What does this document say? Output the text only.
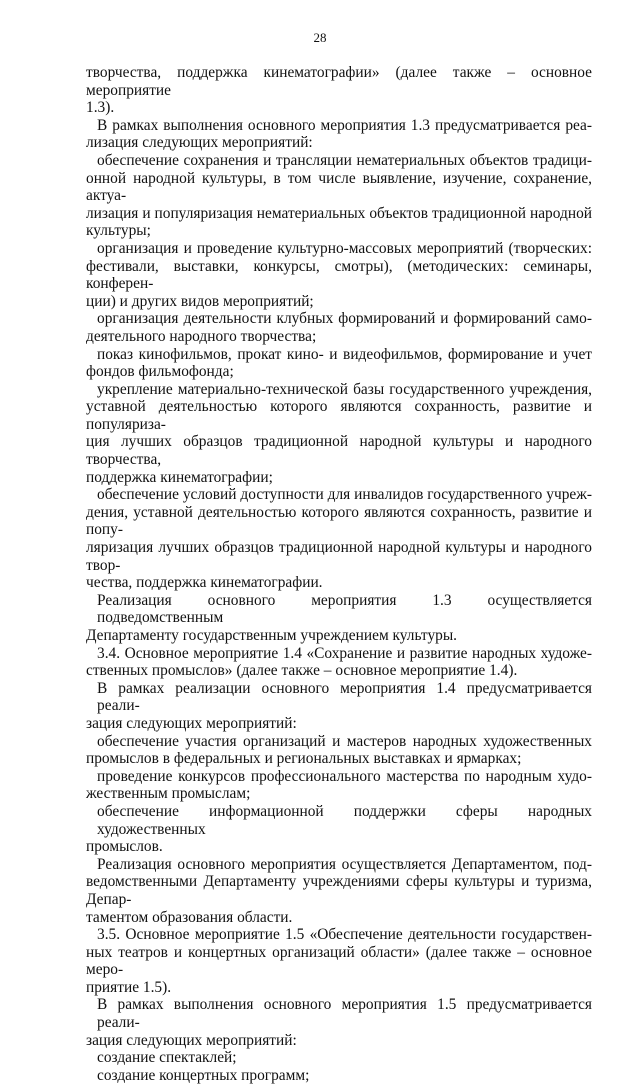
28
творчества, поддержка кинематографии» (далее также – основное мероприятие
1.3).
В рамках выполнения основного мероприятия 1.3 предусматривается реа-
лизация следующих мероприятий:
обеспечение сохранения и трансляции нематериальных объектов традици-
онной народной культуры, в том числе выявление, изучение, сохранение, актуа-
лизация и популяризация нематериальных объектов традиционной народной
культуры;
организация и проведение культурно-массовых мероприятий (творческих:
фестивали, выставки, конкурсы, смотры), (методических: семинары, конферен-
ции) и других видов мероприятий;
организация деятельности клубных формирований и формирований само-
деятельного народного творчества;
показ кинофильмов, прокат кино- и видеофильмов, формирование и учет
фондов фильмофонда;
укрепление материально-технической базы государственного учреждения,
уставной деятельностью которого являются сохранность, развитие и популяриза-
ция лучших образцов традиционной народной культуры и народного творчества,
поддержка кинематографии;
обеспечение условий доступности для инвалидов государственного учреж-
дения, уставной деятельностью которого являются сохранность, развитие и попу-
ляризация лучших образцов традиционной народной культуры и народного твор-
чества, поддержка кинематографии.
Реализация основного мероприятия 1.3 осуществляется подведомственным
Департаменту государственным учреждением культуры.
3.4. Основное мероприятие 1.4 «Сохранение и развитие народных художе-
ственных промыслов» (далее также – основное мероприятие 1.4).
В рамках реализации основного мероприятия 1.4 предусматривается реали-
зация следующих мероприятий:
обеспечение участия организаций и мастеров народных художественных
промыслов в федеральных и региональных выставках и ярмарках;
проведение конкурсов профессионального мастерства по народным худо-
жественным промыслам;
обеспечение информационной поддержки сферы народных художественных
промыслов.
Реализация основного мероприятия осуществляется Департаментом, под-
ведомственными Департаменту учреждениями сферы культуры и туризма, Депар-
таментом образования области.
3.5. Основное мероприятие 1.5 «Обеспечение деятельности государствен-
ных театров и концертных организаций области» (далее также – основное меро-
приятие 1.5).
В рамках выполнения основного мероприятия 1.5 предусматривается реали-
зация следующих мероприятий:
создание спектаклей;
создание концертных программ;
